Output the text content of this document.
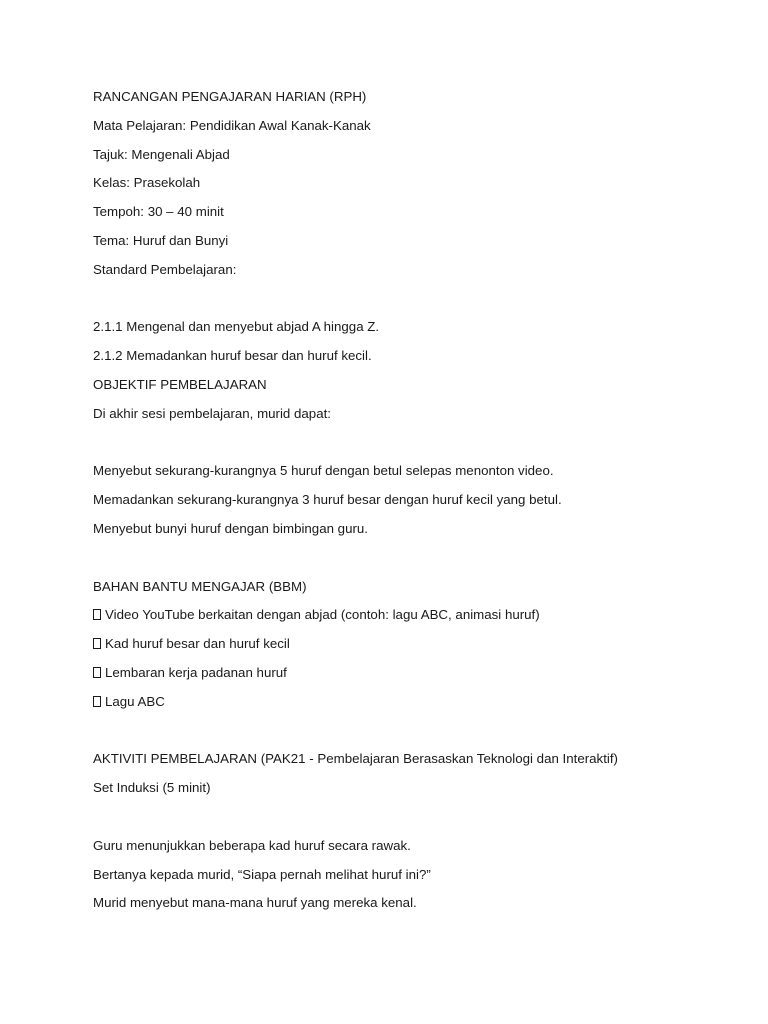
RANCANGAN PENGAJARAN HARIAN (RPH)
Mata Pelajaran: Pendidikan Awal Kanak-Kanak
Tajuk: Mengenali Abjad
Kelas: Prasekolah
Tempoh: 30 – 40 minit
Tema: Huruf dan Bunyi
Standard Pembelajaran:
2.1.1 Mengenal dan menyebut abjad A hingga Z.
2.1.2 Memadankan huruf besar dan huruf kecil.
OBJEKTIF PEMBELAJARAN
Di akhir sesi pembelajaran, murid dapat:
Menyebut sekurang-kurangnya 5 huruf dengan betul selepas menonton video.
Memadankan sekurang-kurangnya 3 huruf besar dengan huruf kecil yang betul.
Menyebut bunyi huruf dengan bimbingan guru.
BAHAN BANTU MENGAJAR (BBM)
Video YouTube berkaitan dengan abjad (contoh: lagu ABC, animasi huruf)
Kad huruf besar dan huruf kecil
Lembaran kerja padanan huruf
Lagu ABC
AKTIVITI PEMBELAJARAN (PAK21 - Pembelajaran Berasaskan Teknologi dan Interaktif)
Set Induksi (5 minit)
Guru menunjukkan beberapa kad huruf secara rawak.
Bertanya kepada murid, “Siapa pernah melihat huruf ini?”
Murid menyebut mana-mana huruf yang mereka kenal.
